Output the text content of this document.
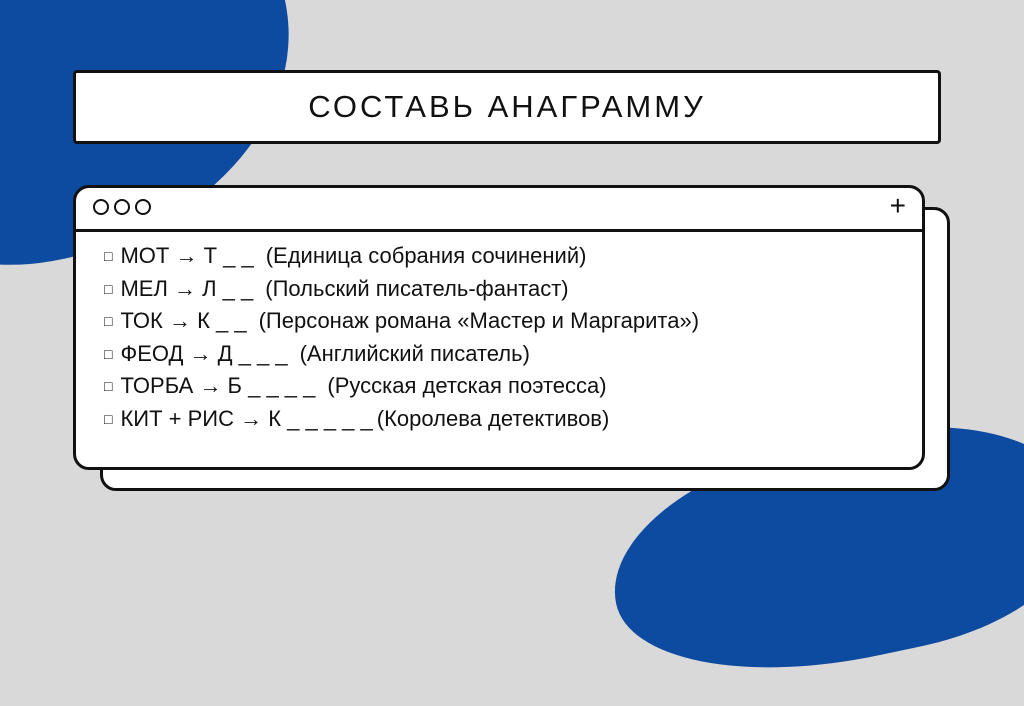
СОСТАВЬ АНАГРАММУ
+
□ МОТ → Т _ _ (Единица собрания сочинений)
□ МЕЛ → Л _ _ (Польский писатель-фантаст)
□ ТОК → К _ _ (Персонаж романа «Мастер и Маргарита»)
□ ФЕОД → Д _ _ _ (Английский писатель)
□ ТОРБА → Б _ _ _ _ (Русская детская поэтесса)
□ КИТ + РИС → К _ _ _ _ _ (Королева детективов)
